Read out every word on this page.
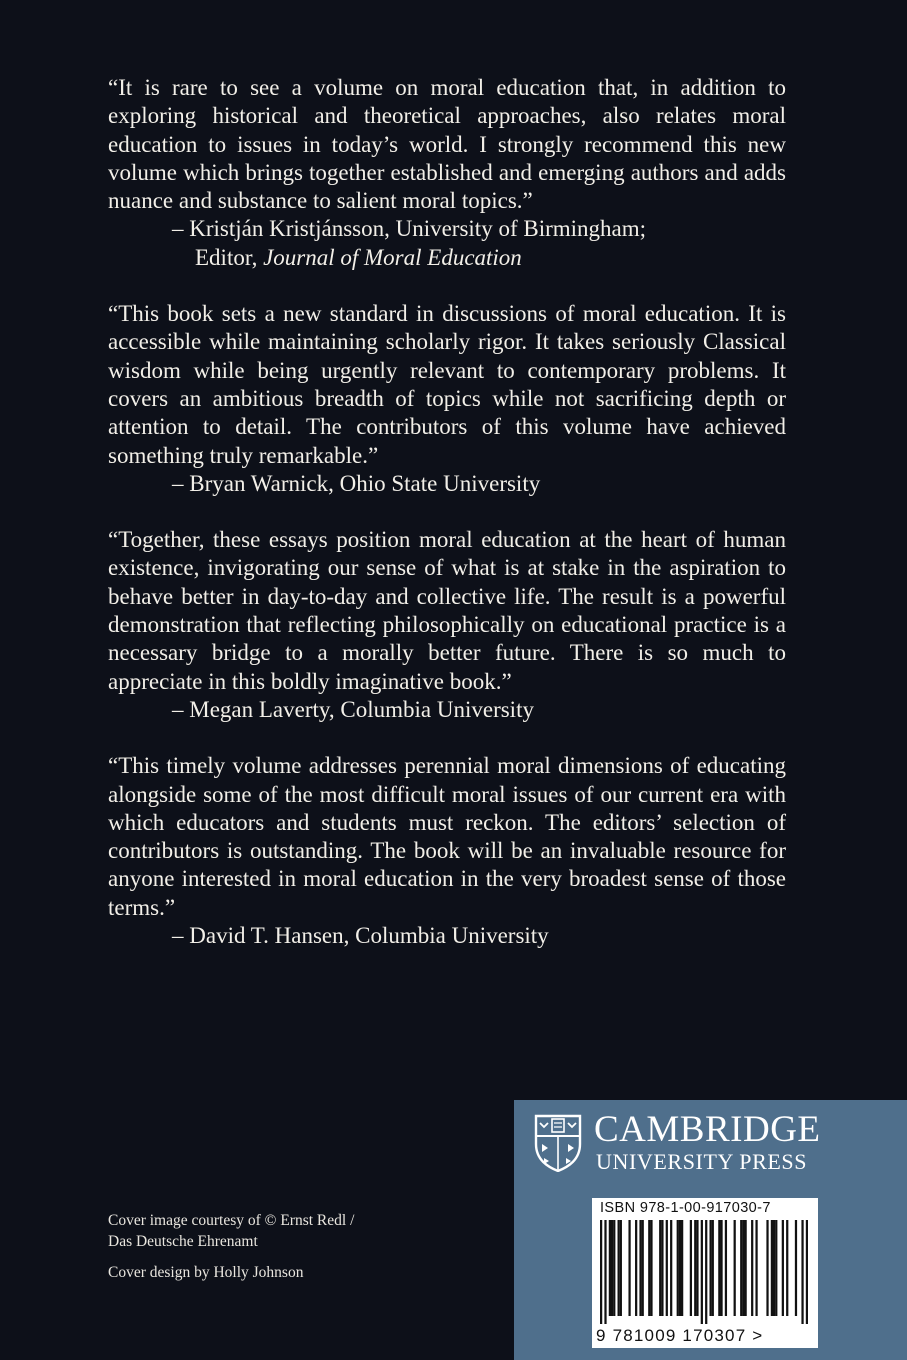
“It is rare to see a volume on moral education that, in addition to exploring historical and theoretical approaches, also relates moral education to issues in today’s world. I strongly recommend this new volume which brings together established and emerging authors and adds nuance and substance to salient moral topics.”

– Kristján Kristjánsson, University of Birmingham;
Editor, Journal of Moral Education

“This book sets a new standard in discussions of moral education. It is accessible while maintaining scholarly rigor. It takes seriously Classical wisdom while being urgently relevant to contemporary problems. It covers an ambitious breadth of topics while not sacrificing depth or attention to detail. The contributors of this volume have achieved something truly remarkable.”

– Bryan Warnick, Ohio State University

“Together, these essays position moral education at the heart of human existence, invigorating our sense of what is at stake in the aspiration to behave better in day-to-day and collective life. The result is a powerful demonstration that reflecting philosophically on educational practice is a necessary bridge to a morally better future. There is so much to appreciate in this boldly imaginative book.”

– Megan Laverty, Columbia University

“This timely volume addresses perennial moral dimensions of educating alongside some of the most difficult moral issues of our current era with which educators and students must reckon. The editors’ selection of contributors is outstanding. The book will be an invaluable resource for anyone interested in moral education in the very broadest sense of those terms.”

– David T. Hansen, Columbia University

Cover image courtesy of © Ernst Redl /

Das Deutsche Ehrenamt

Cover design by Holly Johnson

CAMBRIDGE
UNIVERSITY PRESS
ISBN 978-1-00-917030-7
9 781009 170307 >
